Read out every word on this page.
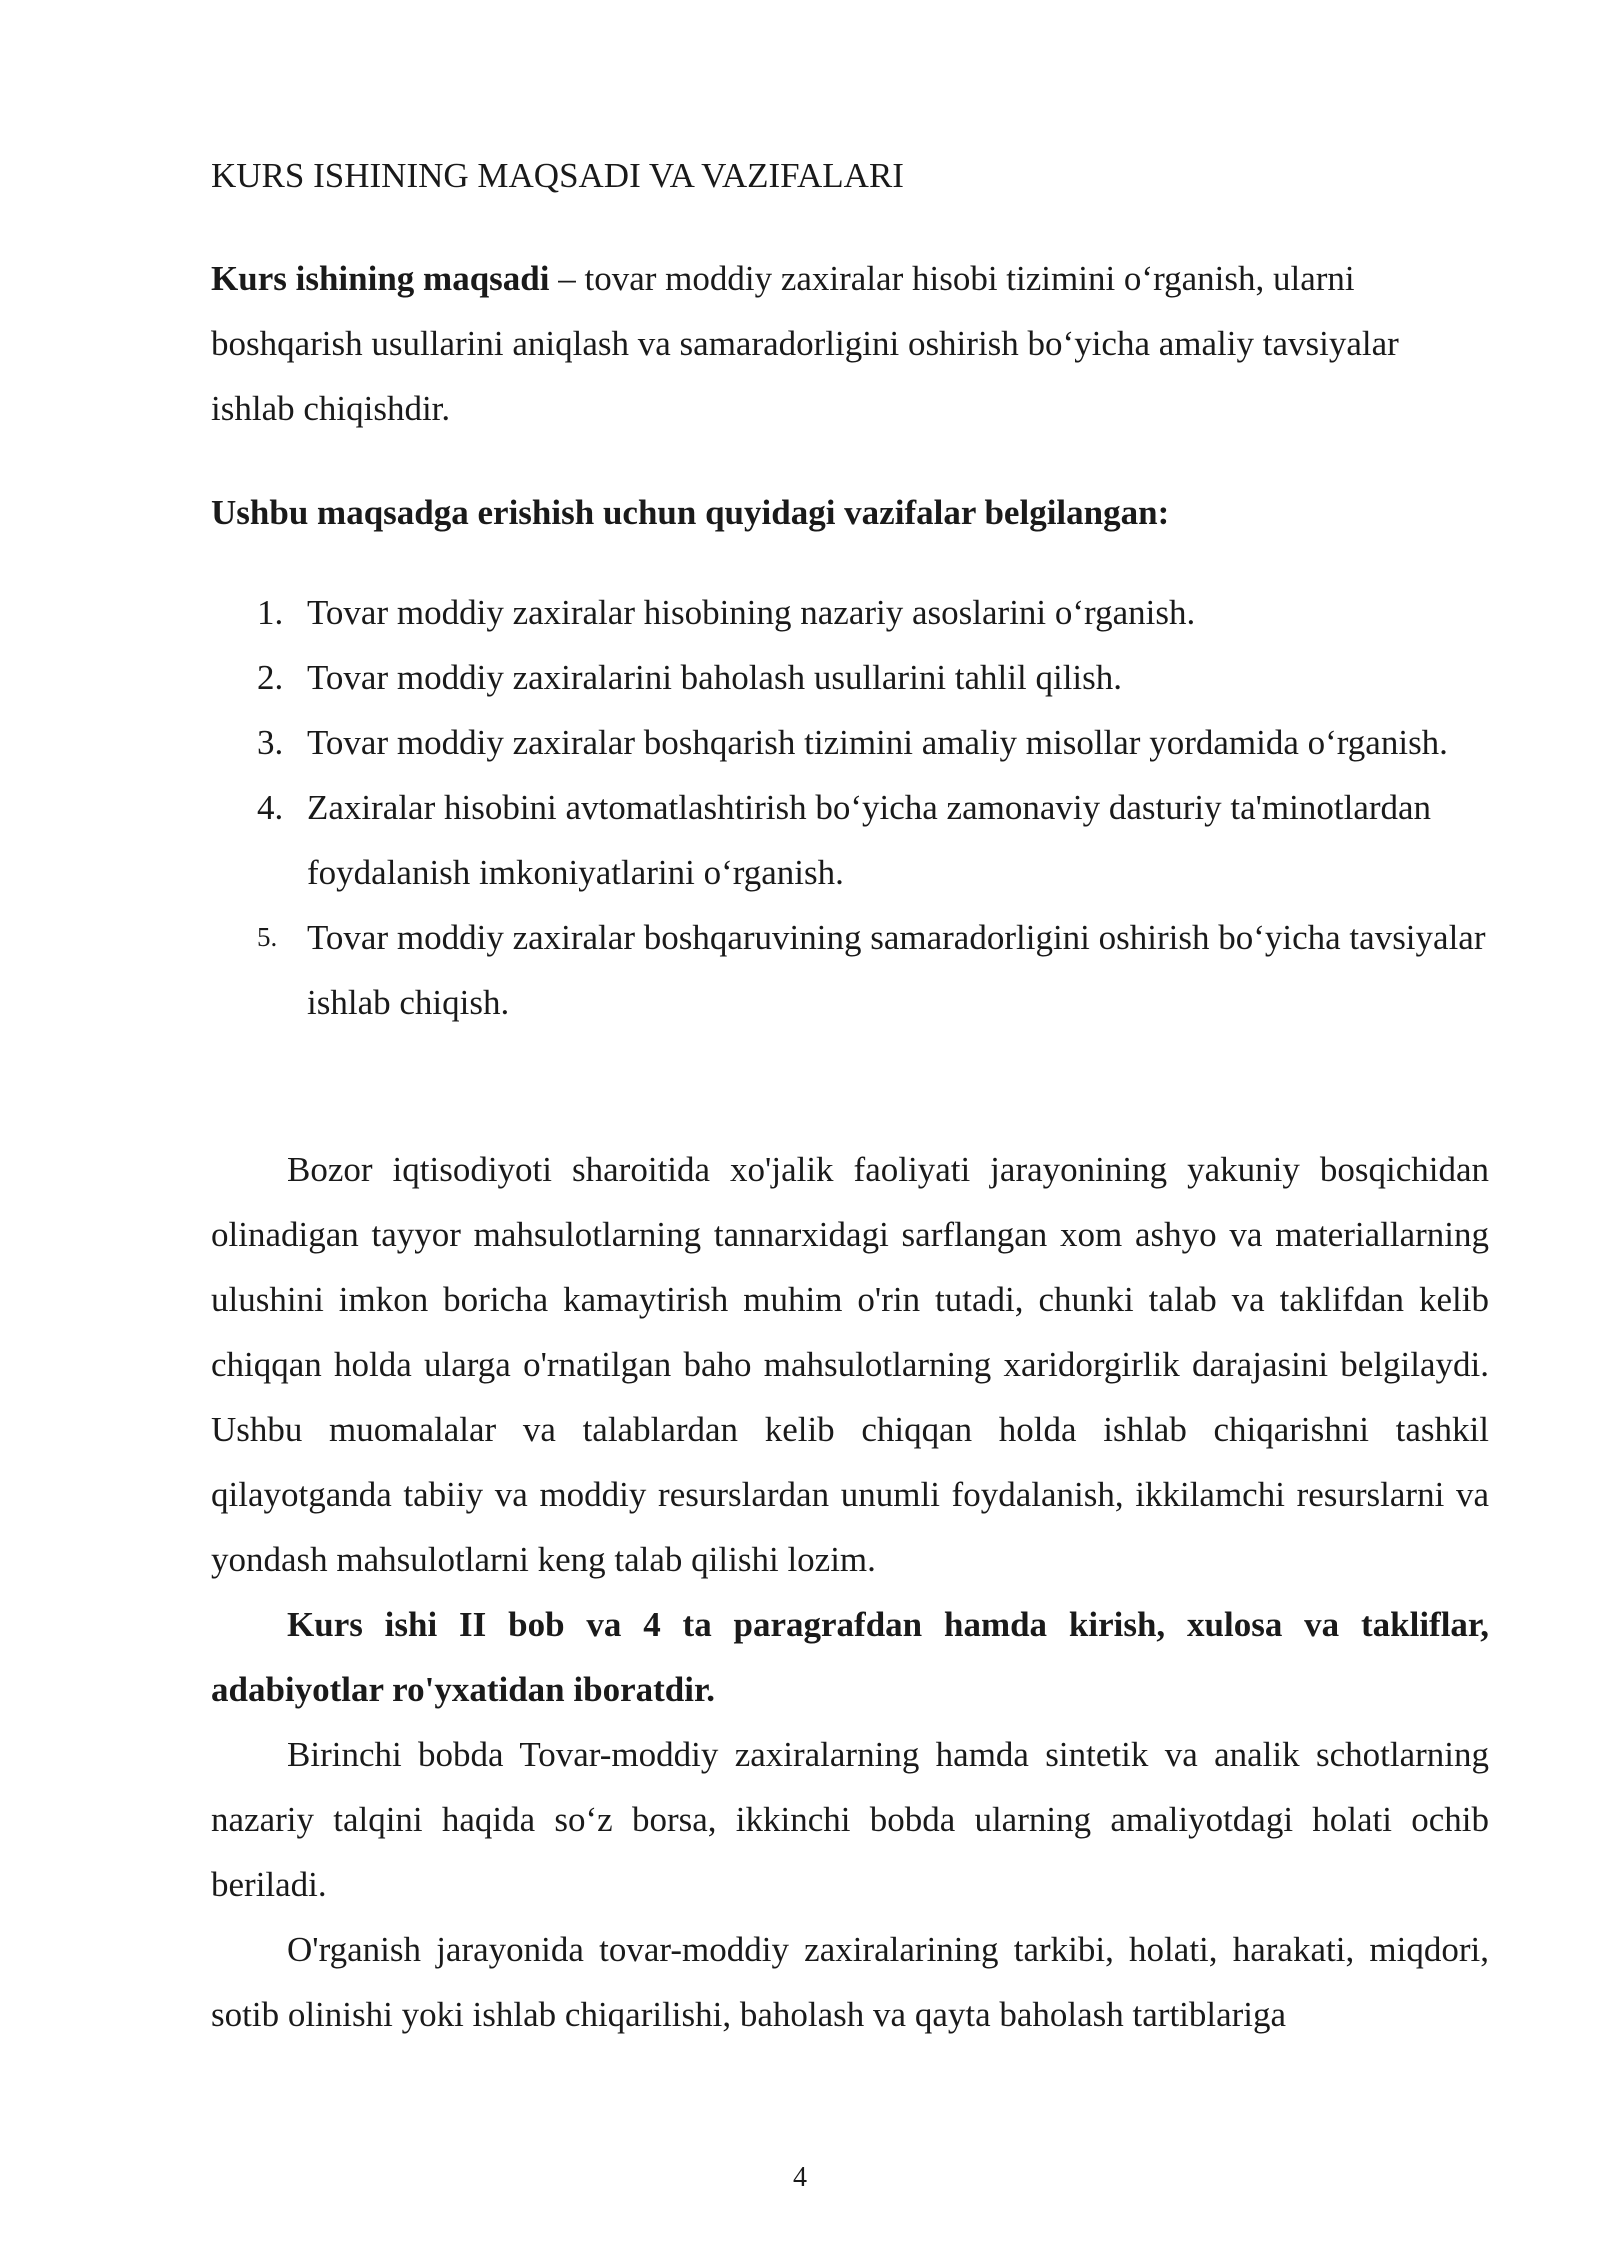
KURS ISHINING MAQSADI VA VAZIFALARI

Kurs ishining maqsadi – tovar moddiy zaxiralar hisobi tizimini o‘rganish, ularni boshqarish usullarini aniqlash va samaradorligini oshirish bo‘yicha amaliy tavsiyalar ishlab chiqishdir.

Ushbu maqsadga erishish uchun quyidagi vazifalar belgilangan:

1. Tovar moddiy zaxiralar hisobining nazariy asoslarini o‘rganish.
2. Tovar moddiy zaxiralarini baholash usullarini tahlil qilish.
3. Tovar moddiy zaxiralar boshqarish tizimini amaliy misollar yordamida o‘rganish.
4. Zaxiralar hisobini avtomatlashtirish bo‘yicha zamonaviy dasturiy ta'minotlardan foydalanish imkoniyatlarini o‘rganish.
5. Tovar moddiy zaxiralar boshqaruvining samaradorligini oshirish bo‘yicha tavsiyalar ishlab chiqish.

Bozor iqtisodiyoti sharoitida xo'jalik faoliyati jarayonining yakuniy bosqichidan olinadigan tayyor mahsulotlarning tannarxidagi sarflangan xom ashyo va materiallarning ulushini imkon boricha kamaytirish muhim o'rin tutadi, chunki talab va taklifdan kelib chiqqan holda ularga o'rnatilgan baho mahsulotlarning xaridorgirlik darajasini belgilaydi. Ushbu muomalalar va talablardan kelib chiqqan holda ishlab chiqarishni tashkil qilayotganda tabiiy va moddiy resurslardan unumli foydalanish, ikkilamchi resurslarni va yondash mahsulotlarni keng talab qilishi lozim.

Kurs ishi II bob va 4 ta paragrafdan hamda kirish, xulosa va takliflar, adabiyotlar ro'yxatidan iboratdir.

Birinchi bobda Tovar-moddiy zaxiralarning hamda sintetik va analik schotlarning nazariy talqini haqida so‘z borsa, ikkinchi bobda ularning amaliyotdagi holati ochib beriladi.

O'rganish jarayonida tovar-moddiy zaxiralarining tarkibi, holati, harakati, miqdori, sotib olinishi yoki ishlab chiqarilishi, baholash va qayta baholash tartiblariga

4
